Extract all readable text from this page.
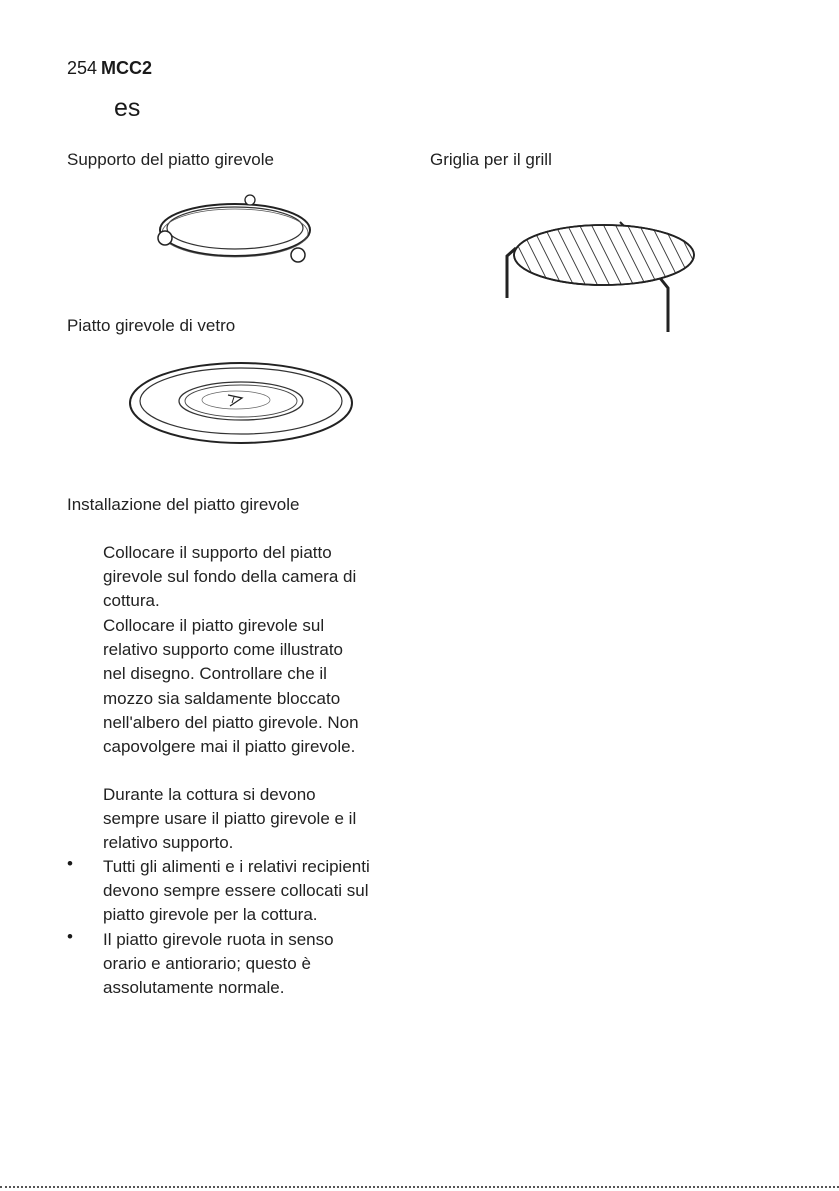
254 MCC2
es
Supporto del piatto girevole	Griglia per il grill
Piatto girevole di vetro
Installazione del piatto girevole

Collocare il supporto del piatto

girevole sul fondo della camera di

cottura.

Collocare il piatto girevole sul

relativo supporto come illustrato

nel disegno. Controllare che il

mozzo sia saldamente bloccato

nell'albero del piatto girevole. Non

capovolgere mai il piatto girevole.

Durante la cottura si devono

sempre usare il piatto girevole e il

relativo supporto.

• Tutti gli alimenti e i relativi recipienti

devono sempre essere collocati sul

piatto girevole per la cottura.

• Il piatto girevole ruota in senso

orario e antiorario; questo è

assolutamente normale.
